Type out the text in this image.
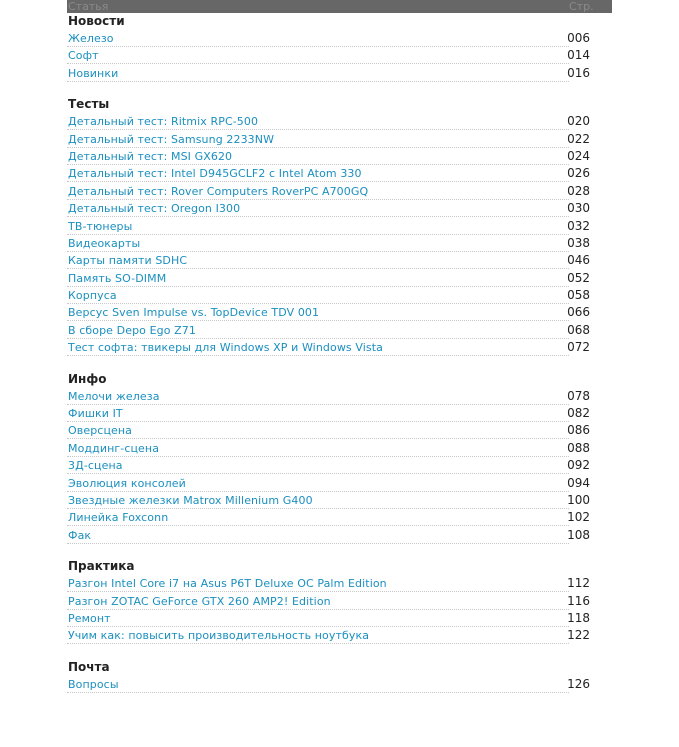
Статья	Стр.
Новости
Железо	006
Софт	014
Новинки	016
Тесты
Детальный тест: Ritmix RPC-500	020
Детальный тест: Samsung 2233NW	022
Детальный тест: MSI GX620	024
Детальный тест: Intel D945GCLF2 с Intel Atom 330	026
Детальный тест: Rover Computers RoverPC A700GQ	028
Детальный тест: Oregon I300	030
ТВ-тюнеры	032
Видеокарты	038
Карты памяти SDHC	046
Память SO-DIMM	052
Корпуса	058
Версус Sven Impulse vs. TopDevice TDV 001	066
В сборе Depo Ego Z71	068
Тест софта: твикеры для Windows XP и Windows Vista	072
Инфо
Мелочи железа	078
Фишки IT	082
Оверсцена	086
Моддинг-сцена	088
3Д-сцена	092
Эволюция консолей	094
Звездные железки Matrox Millenium G400	100
Линейка Foxconn	102
Фак	108
Практика
Разгон Intel Core i7 на Asus P6T Deluxe OC Palm Edition	112
Разгон ZOTAC GeForce GTX 260 AMP2! Edition	116
Ремонт	118
Учим как: повысить производительность ноутбука	122
Почта
Вопросы	126
